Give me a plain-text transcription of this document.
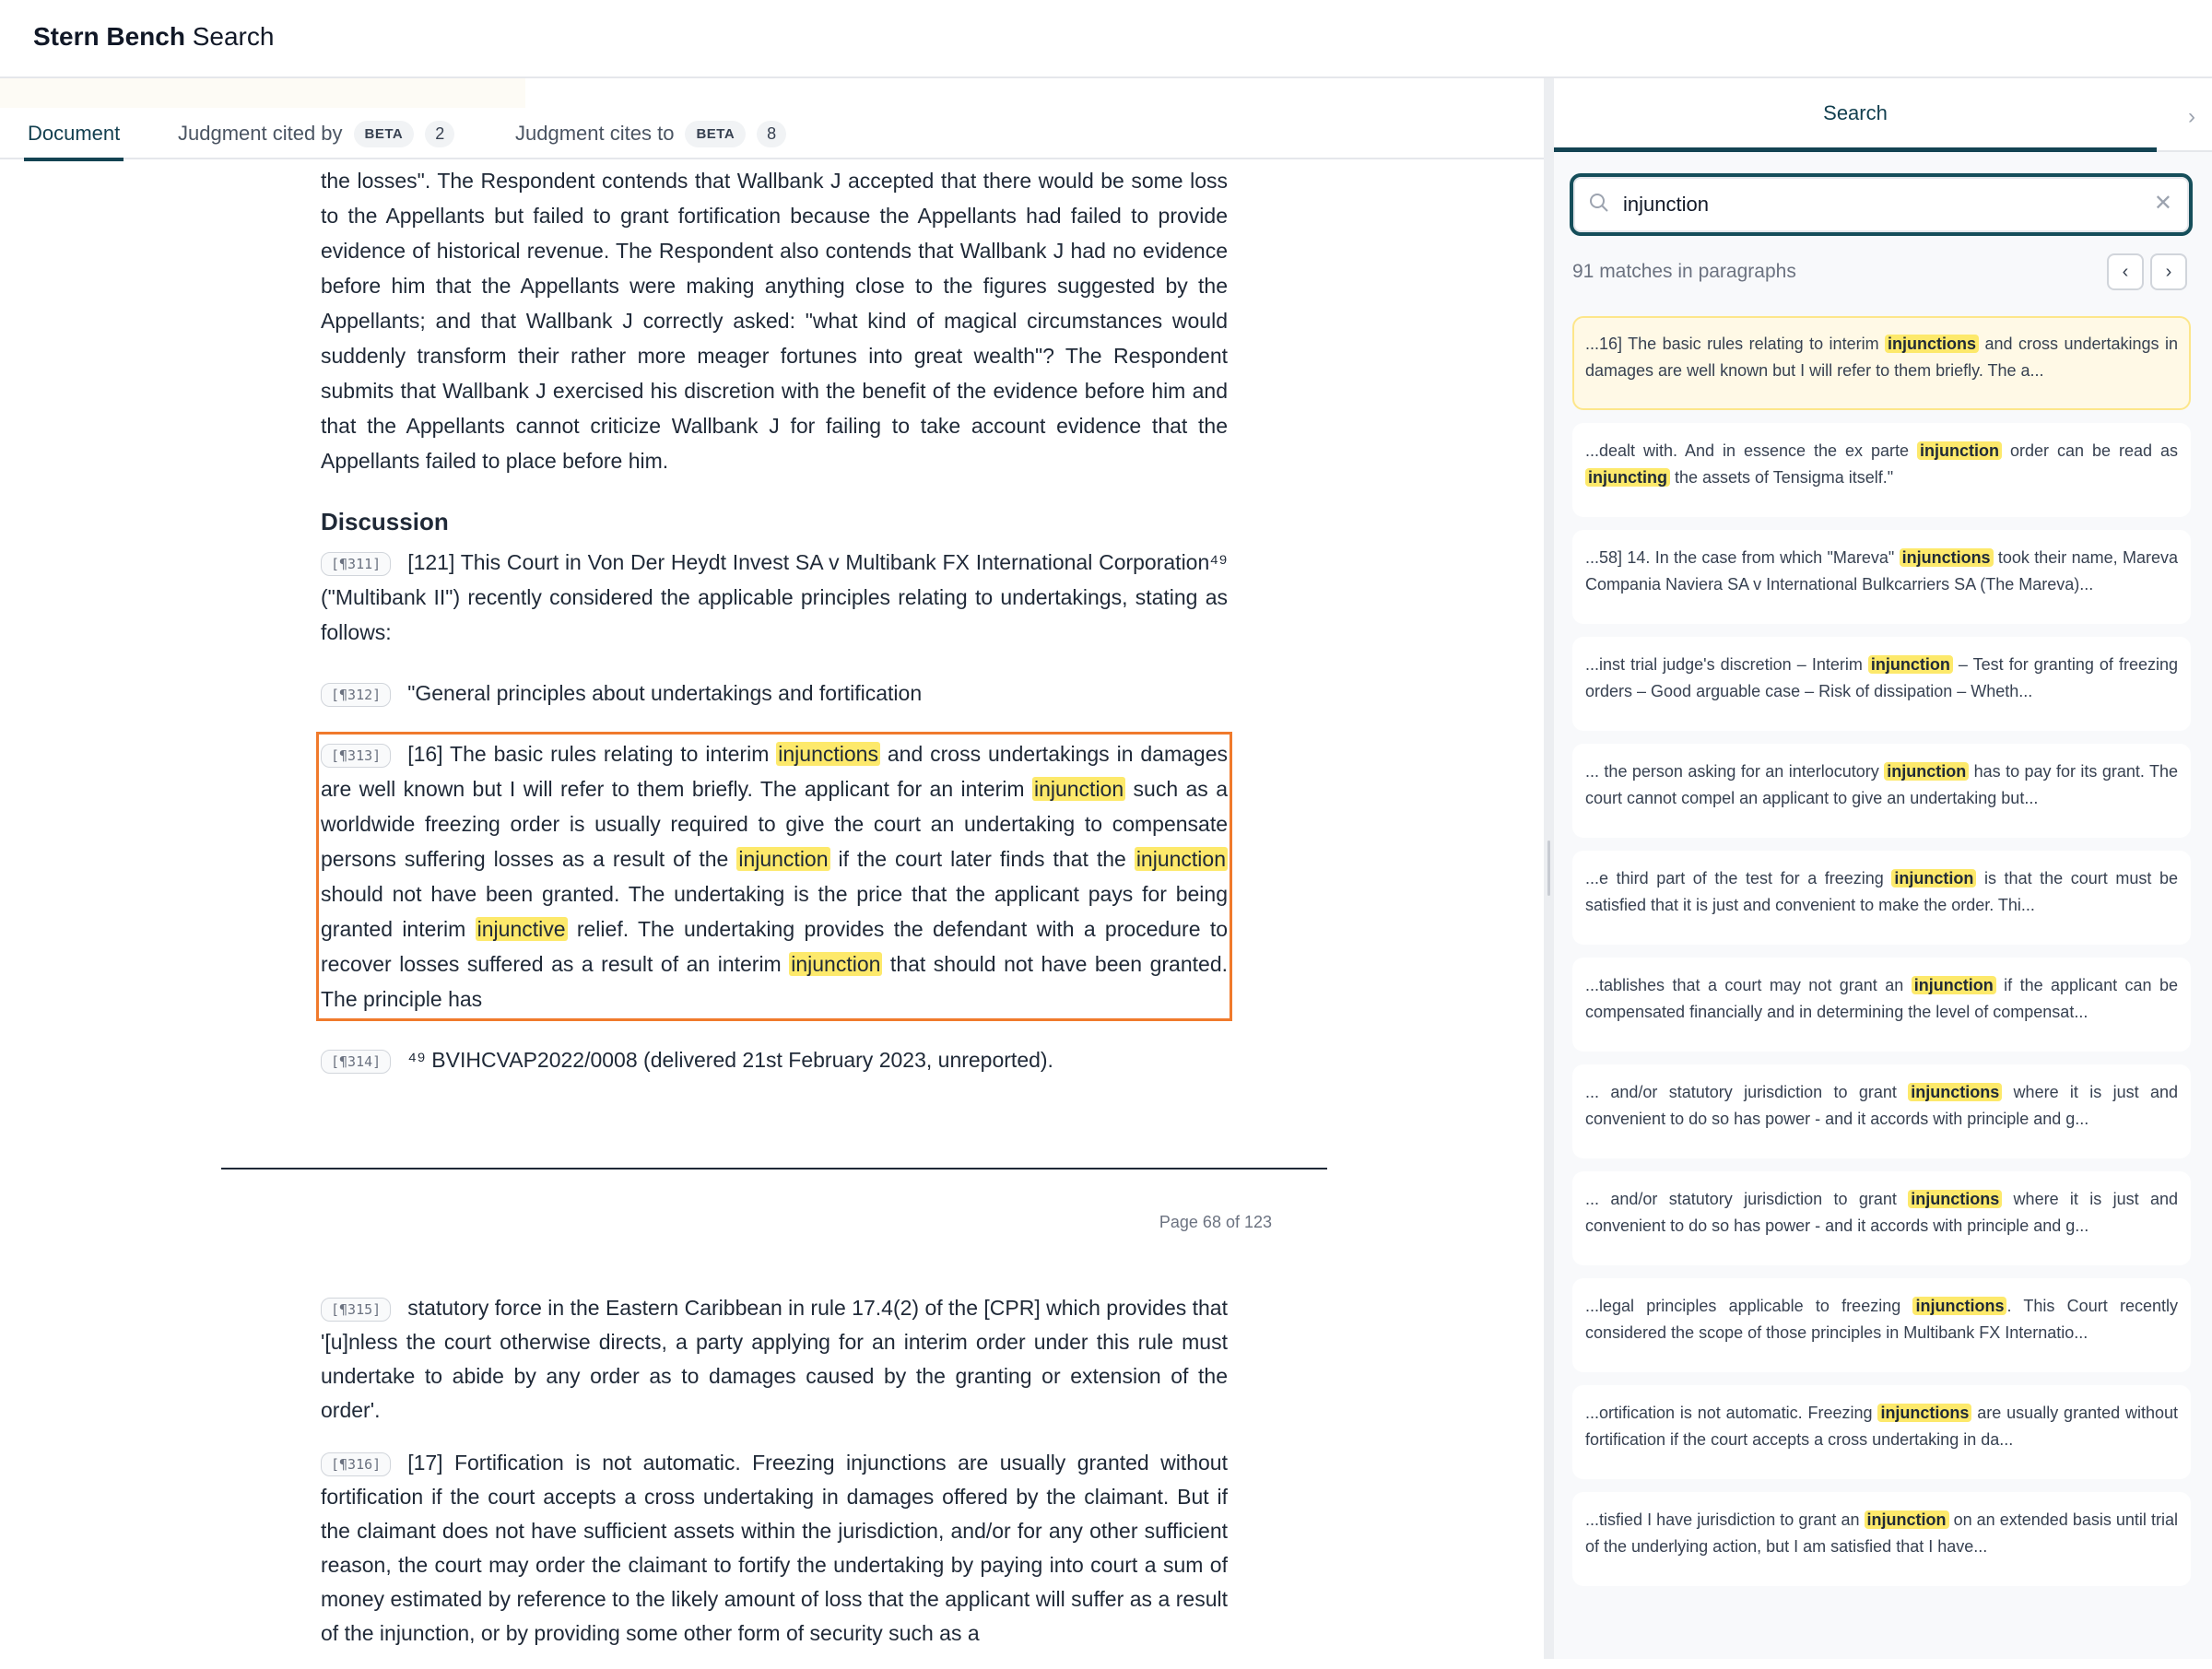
Stern Bench Search
Document	Judgment cited by	BETA	2	Judgment cites to	BETA	8
the losses". The Respondent contends that Wallbank J accepted that there would be some loss to the Appellants but failed to grant fortification because the Appellants had failed to provide evidence of historical revenue. The Respondent also contends that Wallbank J had no evidence before him that the Appellants were making anything close to the figures suggested by the Appellants; and that Wallbank J correctly asked: "what kind of magical circumstances would suddenly transform their rather more meager fortunes into great wealth"? The Respondent submits that Wallbank J exercised his discretion with the benefit of the evidence before him and that the Appellants cannot criticize Wallbank J for failing to take account evidence that the Appellants failed to place before him.
Discussion
[¶311] [121] This Court in Von Der Heydt Invest SA v Multibank FX International Corporation⁴⁹ ("Multibank II") recently considered the applicable principles relating to undertakings, stating as follows:
[¶312] "General principles about undertakings and fortification
[¶313] [16] The basic rules relating to interim injunctions and cross undertakings in damages are well known but I will refer to them briefly. The applicant for an interim injunction such as a worldwide freezing order is usually required to give the court an undertaking to compensate persons suffering losses as a result of the injunction if the court later finds that the injunction should not have been granted. The undertaking is the price that the applicant pays for being granted interim injunctive relief. The undertaking provides the defendant with a procedure to recover losses suffered as a result of an interim injunction that should not have been granted. The principle has
[¶314] ⁴⁹ BVIHCVAP2022/0008 (delivered 21st February 2023, unreported).
Page 68 of 123
[¶315] statutory force in the Eastern Caribbean in rule 17.4(2) of the [CPR] which provides that '[u]nless the court otherwise directs, a party applying for an interim order under this rule must undertake to abide by any order as to damages caused by the granting or extension of the order'.
[¶316] [17] Fortification is not automatic. Freezing injunctions are usually granted without fortification if the court accepts a cross undertaking in damages offered by the claimant. But if the claimant does not have sufficient assets within the jurisdiction, and/or for any other sufficient reason, the court may order the claimant to fortify the undertaking by paying into court a sum of money estimated by reference to the likely amount of loss that the applicant will suffer as a result of the injunction, or by providing some other form of security such as a
Search	›
injunction
✕
91 matches in paragraphs	‹	›
...16] The basic rules relating to interim injunctions and cross undertakings in damages are well known but I will refer to them briefly. The a...
...dealt with. And in essence the ex parte injunction order can be read as injuncting the assets of Tensigma itself."
...58] 14. In the case from which "Mareva" injunctions took their name, Mareva Compania Naviera SA v International Bulkcarriers SA (The Mareva)...
...inst trial judge's discretion – Interim injunction – Test for granting of freezing orders – Good arguable case – Risk of dissipation – Wheth...
... the person asking for an interlocutory injunction has to pay for its grant. The court cannot compel an applicant to give an undertaking but...
...e third part of the test for a freezing injunction is that the court must be satisfied that it is just and convenient to make the order. Thi...
...tablishes that a court may not grant an injunction if the applicant can be compensated financially and in determining the level of compensat...
... and/or statutory jurisdiction to grant injunctions where it is just and convenient to do so has power - and it accords with principle and g...
... and/or statutory jurisdiction to grant injunctions where it is just and convenient to do so has power - and it accords with principle and g...
...legal principles applicable to freezing injunctions . This Court recently considered the scope of those principles in Multibank FX Internatio...
...ortification is not automatic. Freezing injunctions are usually granted without fortification if the court accepts a cross undertaking in da...
...tisfied I have jurisdiction to grant an injunction on an extended basis until trial of the underlying action, but I am satisfied that I have...
